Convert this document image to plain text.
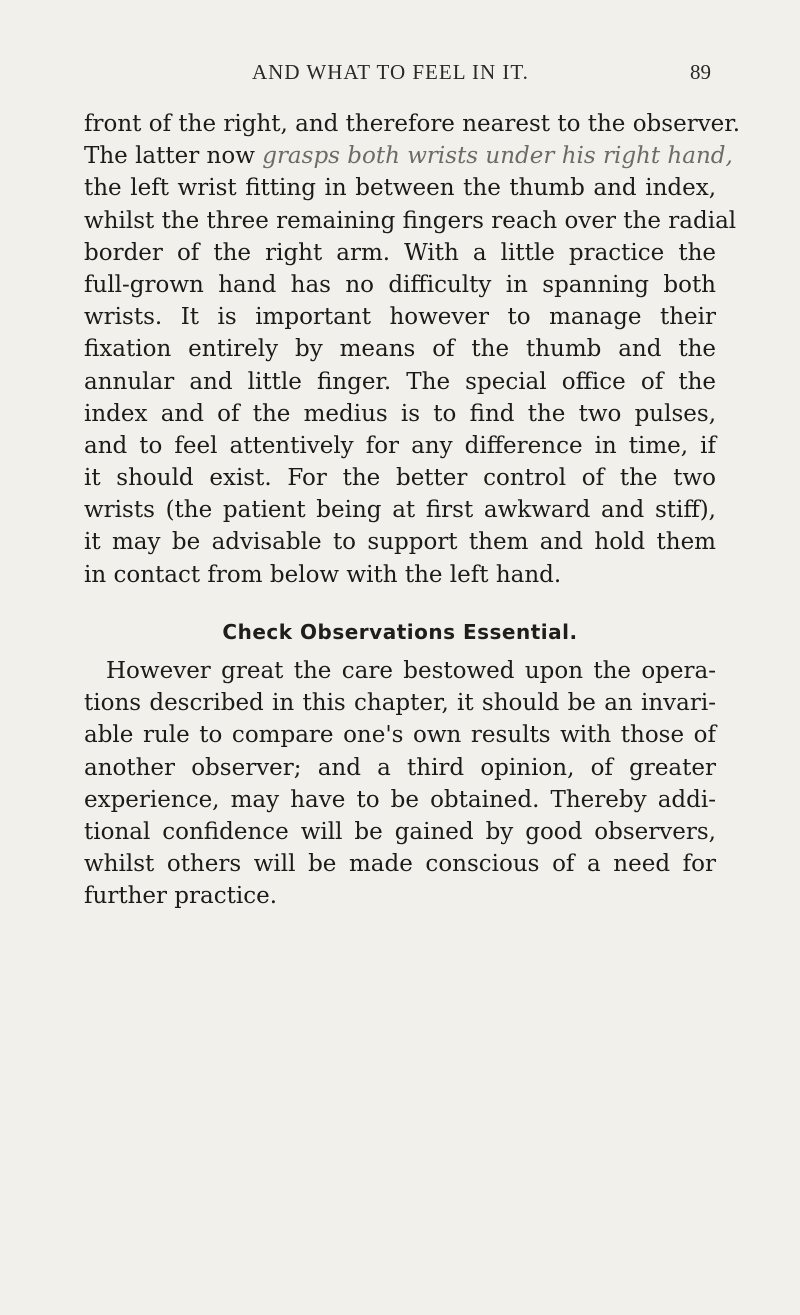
AND WHAT TO FEEL IN IT.	89
front of the right, and therefore nearest to the observer.
The latter now grasps both wrists under his right hand,
the left wrist fitting in between the thumb and index,
whilst the three remaining fingers reach over the radial
border of the right arm. With a little practice the
full-grown hand has no difficulty in spanning both
wrists. It is important however to manage their
fixation entirely by means of the thumb and the
annular and little finger. The special office of the
index and of the medius is to find the two pulses,
and to feel attentively for any difference in time, if
it should exist. For the better control of the two
wrists (the patient being at first awkward and stiff),
it may be advisable to support them and hold them
in contact from below with the left hand.
Check Observations Essential.
However great the care bestowed upon the opera-
tions described in this chapter, it should be an invari-
able rule to compare one's own results with those of
another observer; and a third opinion, of greater
experience, may have to be obtained. Thereby addi-
tional confidence will be gained by good observers,
whilst others will be made conscious of a need for
further practice.
